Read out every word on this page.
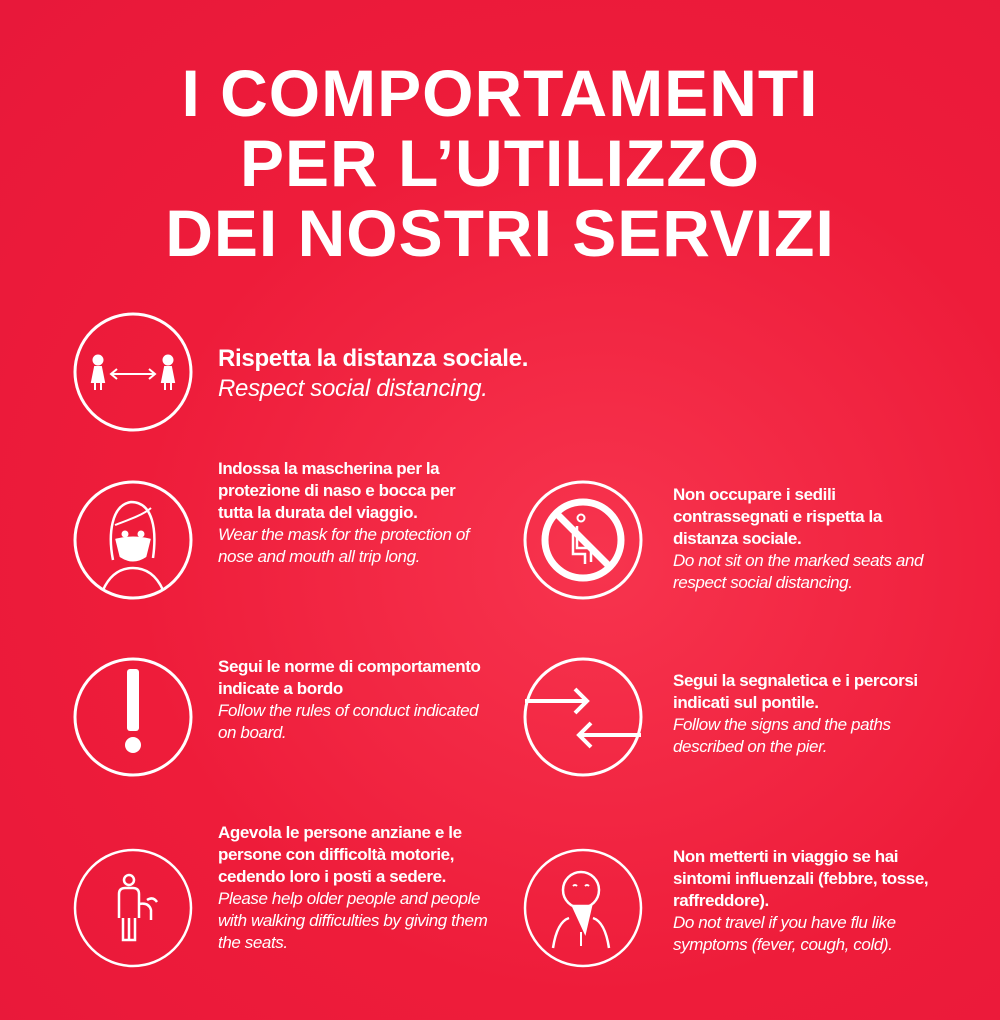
I COMPORTAMENTI
PER L’UTILIZZO
DEI NOSTRI SERVIZI
Rispetta la distanza sociale.
Respect social distancing.
Indossa la mascherina per la protezione di naso e bocca per tutta la durata del viaggio.
Wear the mask for the protection of nose and mouth all trip long.
Non occupare i sedili contrassegnati e rispetta la distanza sociale.
Do not sit on the marked seats and respect social distancing.
Segui le norme di comportamento indicate a bordo
Follow the rules of conduct indicated on board.
Segui la segnaletica e i percorsi indicati sul pontile.
Follow the signs and the paths described on the pier.
Agevola le persone anziane e le persone con difficoltà motorie, cedendo loro i posti a sedere.
Please help older people and people with walking difficulties by giving them the seats.
Non metterti in viaggio se hai sintomi influenzali (febbre, tosse, raffreddore).
Do not travel if you have flu like symptoms (fever, cough, cold).
